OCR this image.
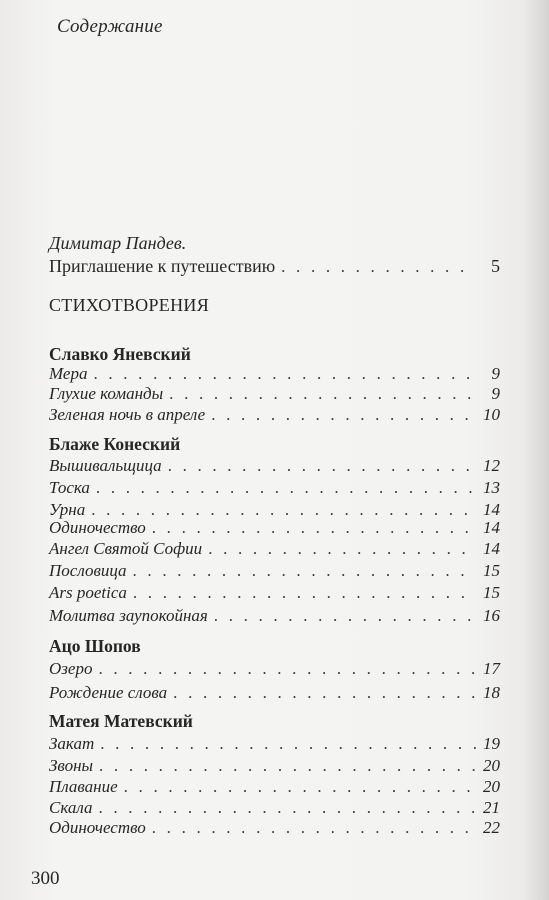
Содержание
Димитар Пандев.
Приглашение к путешествию . . .	5
СТИХОТВОРЕНИЯ
Славко Яневский
Мера . . .	9
Глухие команды . . .	9
Зеленая ночь в апреле . . .	10
Блаже Конеский
Вышивальщица . . .	12
Тоска . . .	13
Урна . . .	14
Одиночество . . .	14
Ангел Святой Софии . . .	14
Пословица . . .	15
Ars poetica . . .	15
Молитва заупокойная . . .	16
Ацо Шопов
Озеро . . .	17
Рождение слова . . .	18
Матея Матевский
Закат . . .	19
Звоны . . .	20
Плавание . . .	20
Скала . . .	21
Одиночество . . .	22
300
